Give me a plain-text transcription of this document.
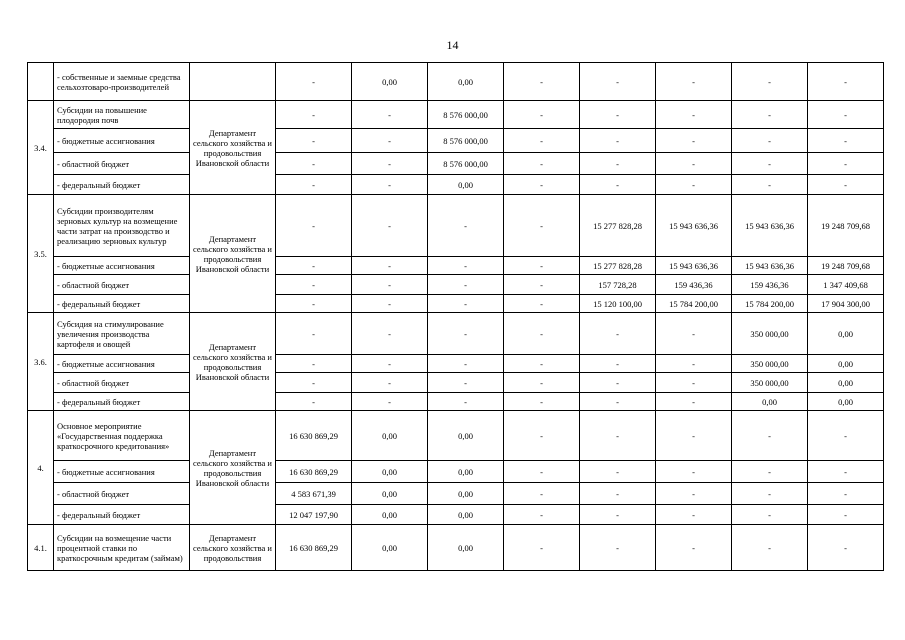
14
	- собственные и заемные средства сельхозтоваро-производителей		-	0,00	0,00	-	-	-	-	-
3.4.	Субсидии на повышение плодородия почв	Департамент сельского хозяйства и продовольствия Ивановской области	-	-	8 576 000,00	-	-	-	-	-
	- бюджетные ассигнования		-	-	8 576 000,00	-	-	-	-	-
	- областной бюджет		-	-	8 576 000,00	-	-	-	-	-
	- федеральный бюджет		-	-	0,00	-	-	-	-	-
3.5.	Субсидии производителям зерновых культур на возмещение части затрат на производство и реализацию зерновых культур	Департамент сельского хозяйства и продовольствия Ивановской области	-	-	-	-	15 277 828,28	15 943 636,36	15 943 636,36	19 248 709,68
	- бюджетные ассигнования		-	-	-	-	15 277 828,28	15 943 636,36	15 943 636,36	19 248 709,68
	- областной бюджет		-	-	-	-	157 728,28	159 436,36	159 436,36	1 347 409,68
	- федеральный бюджет		-	-	-	-	15 120 100,00	15 784 200,00	15 784 200,00	17 904 300,00
3.6.	Субсидия на стимулирование увеличения производства картофеля и овощей	Департамент сельского хозяйства и продовольствия Ивановской области	-	-	-	-	-	-	350 000,00	0,00
	- бюджетные ассигнования		-	-	-	-	-	-	350 000,00	0,00
	- областной бюджет		-	-	-	-	-	-	350 000,00	0,00
	- федеральный бюджет		-	-	-	-	-	-	0,00	0,00
4.	Основное мероприятие «Государственная поддержка краткосрочного кредитования»	Департамент сельского хозяйства и продовольствия Ивановской области	16 630 869,29	0,00	0,00	-	-	-	-	-
	- бюджетные ассигнования		16 630 869,29	0,00	0,00	-	-	-	-	-
	- областной бюджет		4 583 671,39	0,00	0,00	-	-	-	-	-
	- федеральный бюджет		12 047 197,90	0,00	0,00	-	-	-	-	-
4.1.	Субсидии на возмещение части процентной ставки по краткосрочным кредитам (займам)	Департамент сельского хозяйства и продовольствия	16 630 869,29	0,00	0,00	-	-	-	-	-
